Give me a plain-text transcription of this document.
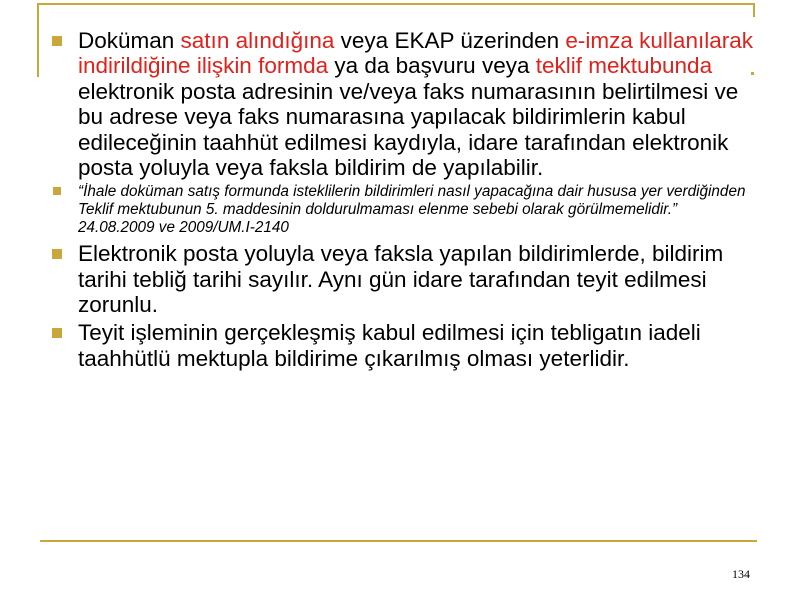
Doküman satın alındığına veya EKAP üzerinden e-imza kullanılarak indirildiğine ilişkin formda ya da başvuru veya teklif mektubunda elektronik posta adresinin ve/veya faks numarasının belirtilmesi ve bu adrese veya faks numarasına yapılacak bildirimlerin kabul edileceğinin taahhüt edilmesi kaydıyla, idare tarafından elektronik posta yoluyla veya faksla bildirim de yapılabilir.
“İhale doküman satış formunda isteklilerin bildirimleri nasıl yapacağına dair hususa yer verdiğinden Teklif mektubunun 5. maddesinin doldurulmaması elenme sebebi olarak görülmemelidir.” 24.08.2009 ve 2009/UM.I-2140
Elektronik posta yoluyla veya faksla yapılan bildirimlerde, bildirim tarihi tebliğ tarihi sayılır. Aynı gün idare tarafından teyit edilmesi zorunlu.
Teyit işleminin gerçekleşmiş kabul edilmesi için tebligatın iadeli taahhütlü mektupla bildirime çıkarılmış olması yeterlidir.
134
